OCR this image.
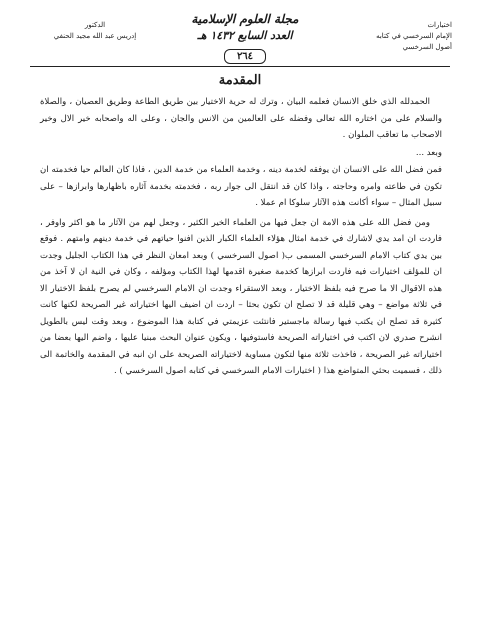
اختيارات
الإمام السرخسي في كتابه
أصول السرخسي
مجلة العلوم الإسلامية
العدد السابع ١٤٣٢ هـ
٢٦٤
الدكتور
إدريس عبد الله مجيد الحنفي
المقدمة

الحمدلله الذي خلق الانسان فعلمه البيان ، وترك له حرية الاختيار بين طريق الطاعة وطريق العصيان ، والصلاة والسلام على من اختاره الله تعالى وفضله على العالمين من الانس والجان ، وعلى اله واصحابه خير الال وخير الاصحاب ما تعاقب الملوان .

وبعد ...

فمن فضل الله على الانسان ان يوفقه لخدمة دينه ، وخدمة العلماء من خدمة الدين ، فاذا كان العالم حيا فخدمته ان تكون في طاعته وامره وحاجته ، واذا كان قد انتقل الى جوار ربه ، فخدمته بخدمة آثاره باظهارها وابرازها – على سبيل المثال – سواء أكانت هذه الآثار سلوكا ام عملا .

ومن فضل الله على هذه الامة ان جعل فيها من العلماء الخير الكثير ، وجعل لهم من الآثار ما هو اكثر واوفر ، فاردت ان امد يدي لاشارك في خدمة امثال هؤلاء العلماء الكبار الذين افنوا حياتهم في خدمة دينهم وامتهم . فوقع بين يدي كتاب الامام السرخسي المسمى ب( اصول السرخسي ) وبعد امعان النظر في هذا الكتاب الجليل وجدت ان للمؤلف اختيارات فيه فاردت ابرازها كخدمة صغيرة اقدمها لهذا الكتاب ومؤلفه ، وكان في النية ان لا آخذ من هذه الاقوال الا ما صرح فيه بلفظ الاختيار ، وبعد الاستقراء وجدت ان الامام السرخسي لم يصرح بلفظ الاختيار الا في ثلاثة مواضع – وهي قليلة قد لا تصلح ان تكون بحثا – اردت ان اضيف اليها اختياراته غير الصريحة لكنها كانت كثيرة قد تصلح ان يكتب فيها رسالة ماجستير فانتئت عزيمتي في كتابة هذا الموضوع ، وبعد وقت ليس بالطويل انشرح صدري لان اكتب في اختياراته الصريحة فاستوفيها ، ويكون عنوان البحث مبنيا عليها ، واضم اليها بعضا من اختياراته غير الصريحة ، فاخذت ثلاثة منها لتكون مساوية لاختياراته الصريحة على ان انبه في المقدمة والخاتمة الى ذلك ، فسميت بحثي المتواضع هذا ( اختيارات الامام السرخسي في كتابه اصول السرخسي ) .
